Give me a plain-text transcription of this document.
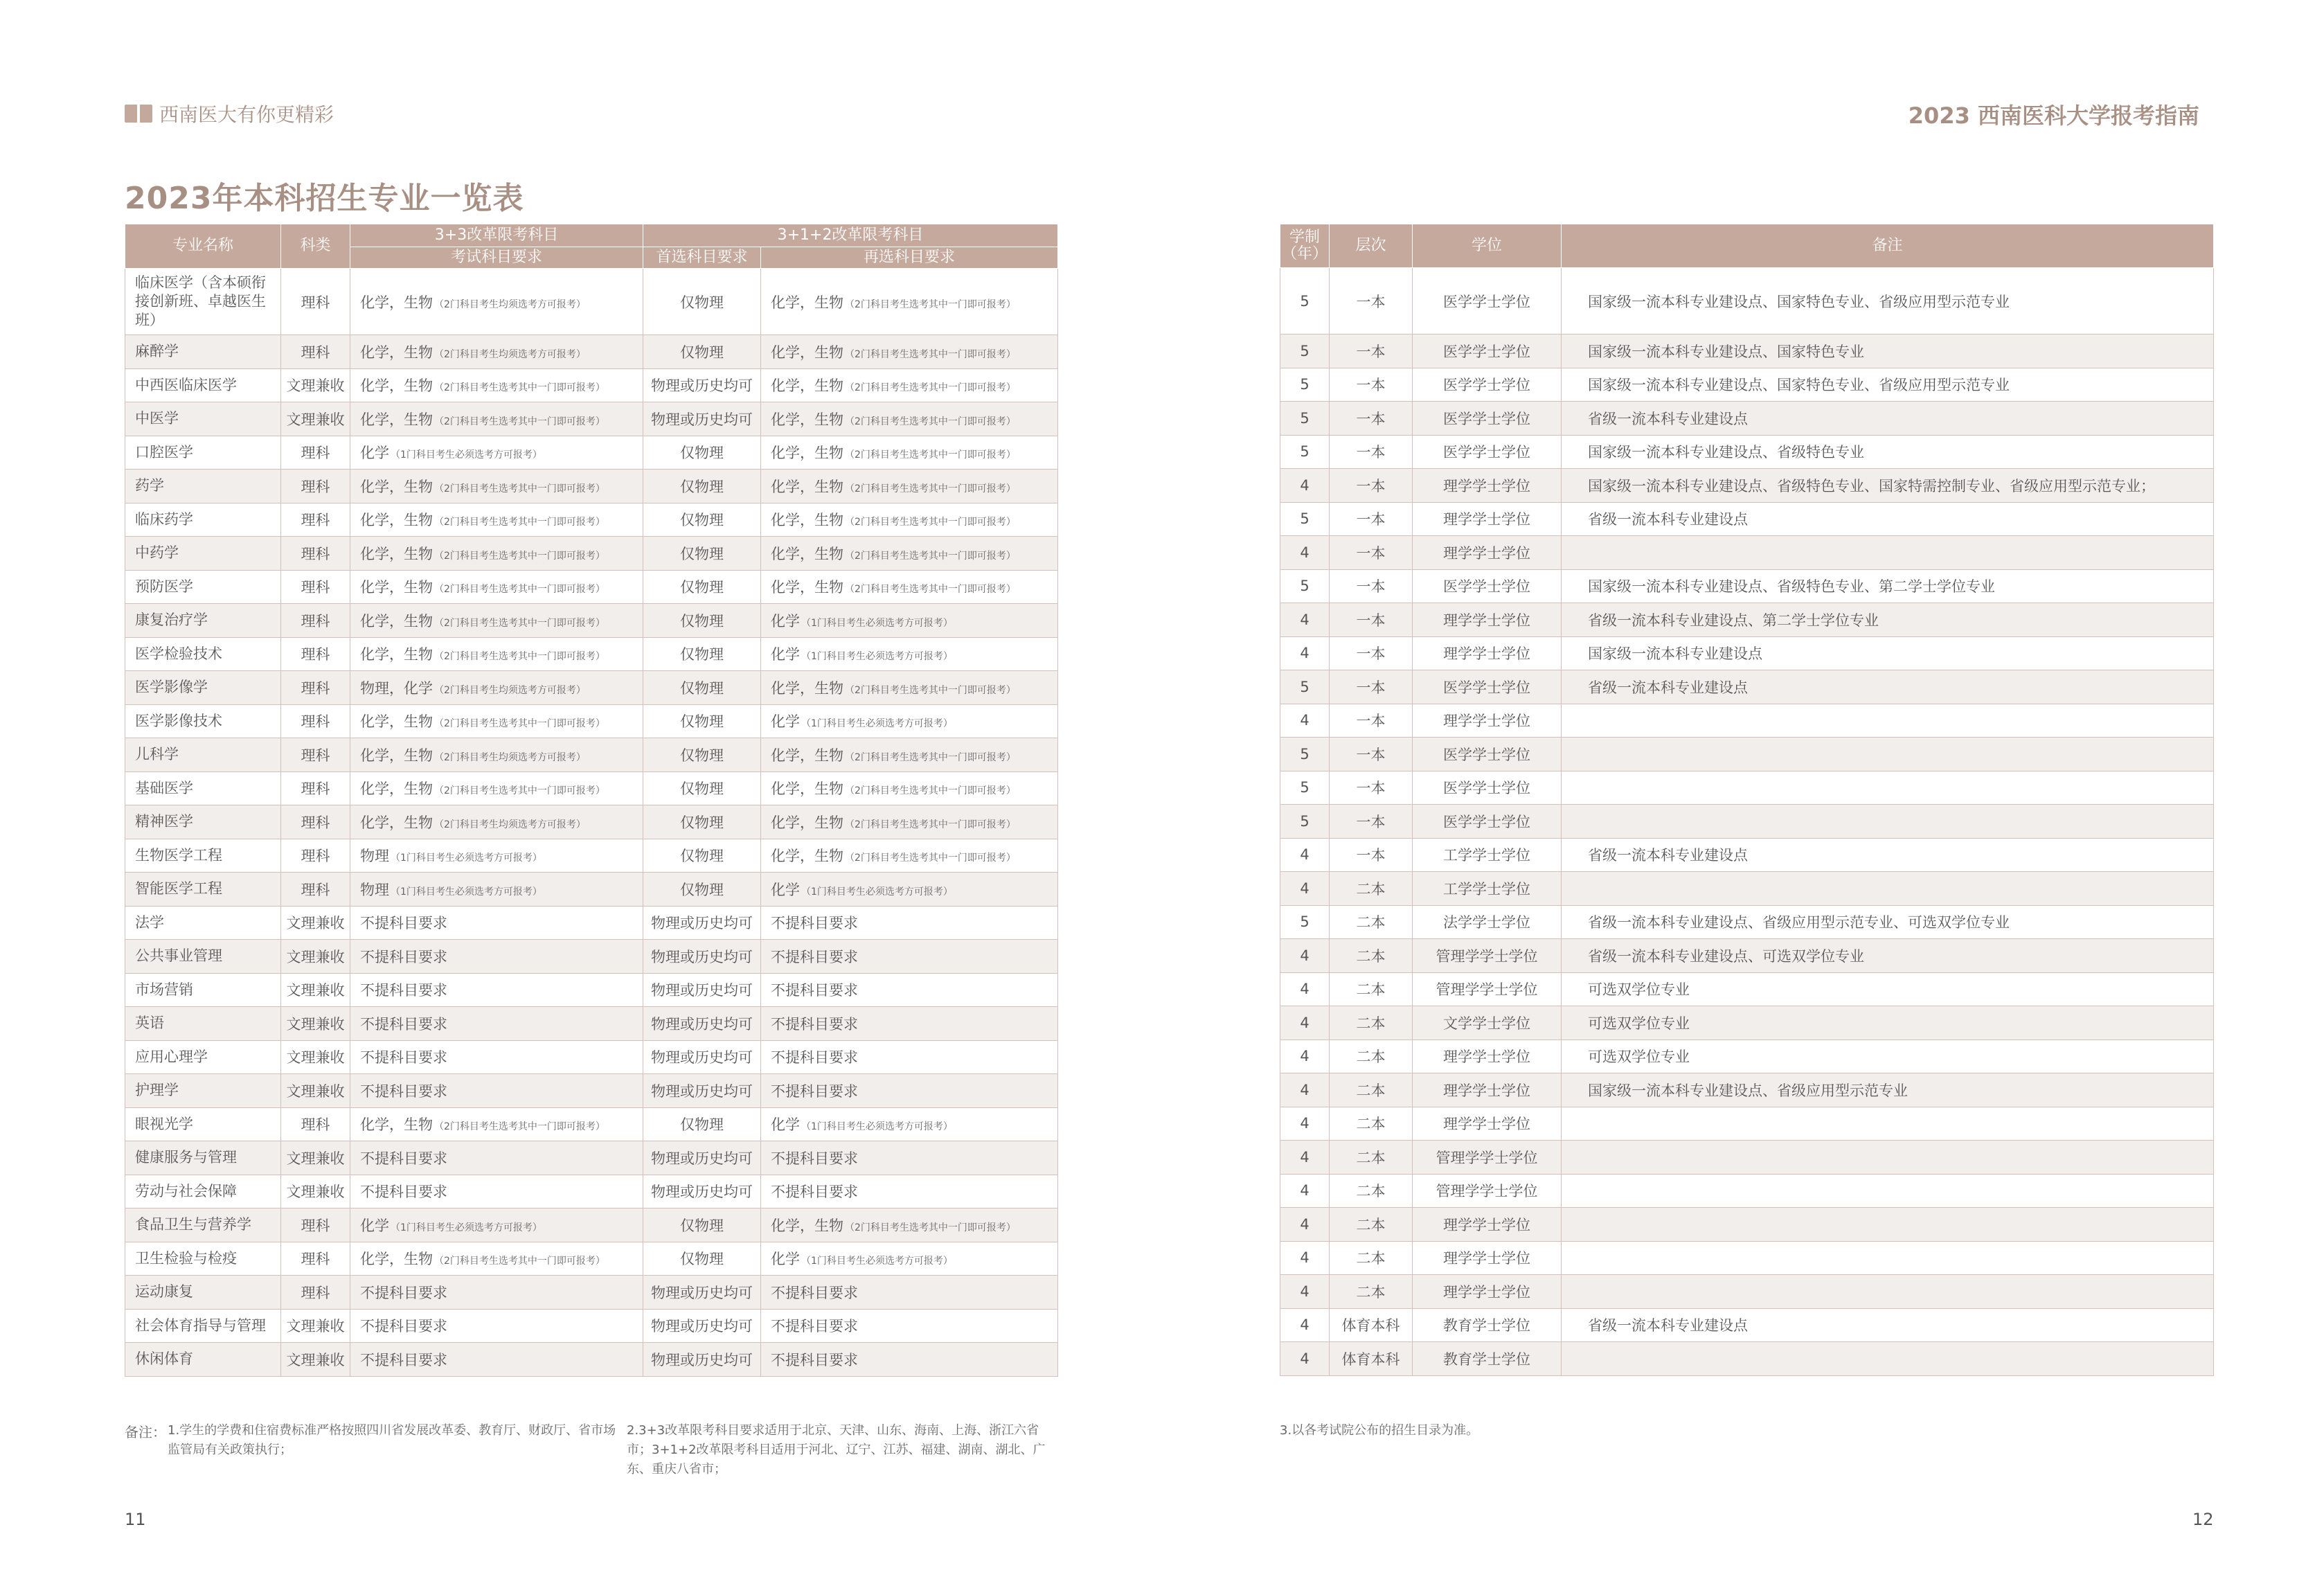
西南医大有你更精彩
2023年本科招生专业一览表
专业名称	科类	3+3改革限考科目	3+1+2改革限考科目	
		考试科目要求	首选科目要求	再选科目要求
临床医学（含本硕衔接创新班、卓越医生班）	理科	化学，生物 （2门科目考生均须选考方可报考）	仅物理	化学，生物 （2门科目考生选考其中一门即可报考）
麻醉学	理科	化学，生物 （2门科目考生均须选考方可报考）	仅物理	化学，生物 （2门科目考生选考其中一门即可报考）
中西医临床医学	文理兼收	化学，生物 （2门科目考生选考其中一门即可报考）	物理或历史均可	化学，生物 （2门科目考生选考其中一门即可报考）
中医学	文理兼收	化学，生物 （2门科目考生选考其中一门即可报考）	物理或历史均可	化学，生物 （2门科目考生选考其中一门即可报考）
口腔医学	理科	化学 （1门科目考生必须选考方可报考）	仅物理	化学，生物 （2门科目考生选考其中一门即可报考）
药学	理科	化学，生物 （2门科目考生选考其中一门即可报考）	仅物理	化学，生物 （2门科目考生选考其中一门即可报考）
临床药学	理科	化学，生物 （2门科目考生选考其中一门即可报考）	仅物理	化学，生物 （2门科目考生选考其中一门即可报考）
中药学	理科	化学，生物 （2门科目考生选考其中一门即可报考）	仅物理	化学，生物 （2门科目考生选考其中一门即可报考）
预防医学	理科	化学，生物 （2门科目考生选考其中一门即可报考）	仅物理	化学，生物 （2门科目考生选考其中一门即可报考）
康复治疗学	理科	化学，生物 （2门科目考生选考其中一门即可报考）	仅物理	化学 （1门科目考生必须选考方可报考）
医学检验技术	理科	化学，生物 （2门科目考生选考其中一门即可报考）	仅物理	化学 （1门科目考生必须选考方可报考）
医学影像学	理科	物理，化学 （2门科目考生均须选考方可报考）	仅物理	化学，生物 （2门科目考生选考其中一门即可报考）
医学影像技术	理科	化学，生物 （2门科目考生选考其中一门即可报考）	仅物理	化学 （1门科目考生必须选考方可报考）
儿科学	理科	化学，生物 （2门科目考生均须选考方可报考）	仅物理	化学，生物 （2门科目考生选考其中一门即可报考）
基础医学	理科	化学，生物 （2门科目考生选考其中一门即可报考）	仅物理	化学，生物 （2门科目考生选考其中一门即可报考）
精神医学	理科	化学，生物 （2门科目考生均须选考方可报考）	仅物理	化学，生物 （2门科目考生选考其中一门即可报考）
生物医学工程	理科	物理 （1门科目考生必须选考方可报考）	仅物理	化学，生物 （2门科目考生选考其中一门即可报考）
智能医学工程	理科	物理 （1门科目考生必须选考方可报考）	仅物理	化学 （1门科目考生必须选考方可报考）
法学	文理兼收	不提科目要求	物理或历史均可	不提科目要求
公共事业管理	文理兼收	不提科目要求	物理或历史均可	不提科目要求
市场营销	文理兼收	不提科目要求	物理或历史均可	不提科目要求
英语	文理兼收	不提科目要求	物理或历史均可	不提科目要求
应用心理学	文理兼收	不提科目要求	物理或历史均可	不提科目要求
护理学	文理兼收	不提科目要求	物理或历史均可	不提科目要求
眼视光学	理科	化学，生物 （2门科目考生选考其中一门即可报考）	仅物理	化学 （1门科目考生必须选考方可报考）
健康服务与管理	文理兼收	不提科目要求	物理或历史均可	不提科目要求
劳动与社会保障	文理兼收	不提科目要求	物理或历史均可	不提科目要求
食品卫生与营养学	理科	化学 （1门科目考生必须选考方可报考）	仅物理	化学，生物 （2门科目考生选考其中一门即可报考）
卫生检验与检疫	理科	化学，生物 （2门科目考生选考其中一门即可报考）	仅物理	化学 （1门科目考生必须选考方可报考）
运动康复	理科	不提科目要求	物理或历史均可	不提科目要求
社会体育指导与管理	文理兼收	不提科目要求	物理或历史均可	不提科目要求
休闲体育	文理兼收	不提科目要求	物理或历史均可	不提科目要求
备注： 1.学生的学费和住宿费标准严格按照四川省发展改革委、教育厅、财政厅、省市场监管局有关政策执行；
2.3+3改革限考科目要求适用于北京、天津、山东、海南、上海、浙江六省市；3+1+2改革限考科目适用于河北、辽宁、江苏、福建、湖南、湖北、广东、重庆八省市；
11
2023 西南医科大学报考指南
学制
（年）	层次	学位	备注
5	一本	医学学士学位	国家级一流本科专业建设点、国家特色专业、省级应用型示范专业
5	一本	医学学士学位	国家级一流本科专业建设点、国家特色专业
5	一本	医学学士学位	国家级一流本科专业建设点、国家特色专业、省级应用型示范专业
5	一本	医学学士学位	省级一流本科专业建设点
5	一本	医学学士学位	国家级一流本科专业建设点、省级特色专业
4	一本	理学学士学位	国家级一流本科专业建设点、省级特色专业、国家特需控制专业、省级应用型示范专业；
5	一本	理学学士学位	省级一流本科专业建设点
4	一本	理学学士学位	
5	一本	医学学士学位	国家级一流本科专业建设点、省级特色专业、第二学士学位专业
4	一本	理学学士学位	省级一流本科专业建设点、第二学士学位专业
4	一本	理学学士学位	国家级一流本科专业建设点
5	一本	医学学士学位	省级一流本科专业建设点
4	一本	理学学士学位	
5	一本	医学学士学位	
5	一本	医学学士学位	
5	一本	医学学士学位	
4	一本	工学学士学位	省级一流本科专业建设点
4	二本	工学学士学位	
5	二本	法学学士学位	省级一流本科专业建设点、省级应用型示范专业、可选双学位专业
4	二本	管理学学士学位	省级一流本科专业建设点、可选双学位专业
4	二本	管理学学士学位	可选双学位专业
4	二本	文学学士学位	可选双学位专业
4	二本	理学学士学位	可选双学位专业
4	二本	理学学士学位	国家级一流本科专业建设点、省级应用型示范专业
4	二本	理学学士学位	
4	二本	管理学学士学位	
4	二本	管理学学士学位	
4	二本	理学学士学位	
4	二本	理学学士学位	
4	二本	理学学士学位	
4	体育本科	教育学士学位	省级一流本科专业建设点
4	体育本科	教育学士学位	
3.以各考试院公布的招生目录为准。
12
